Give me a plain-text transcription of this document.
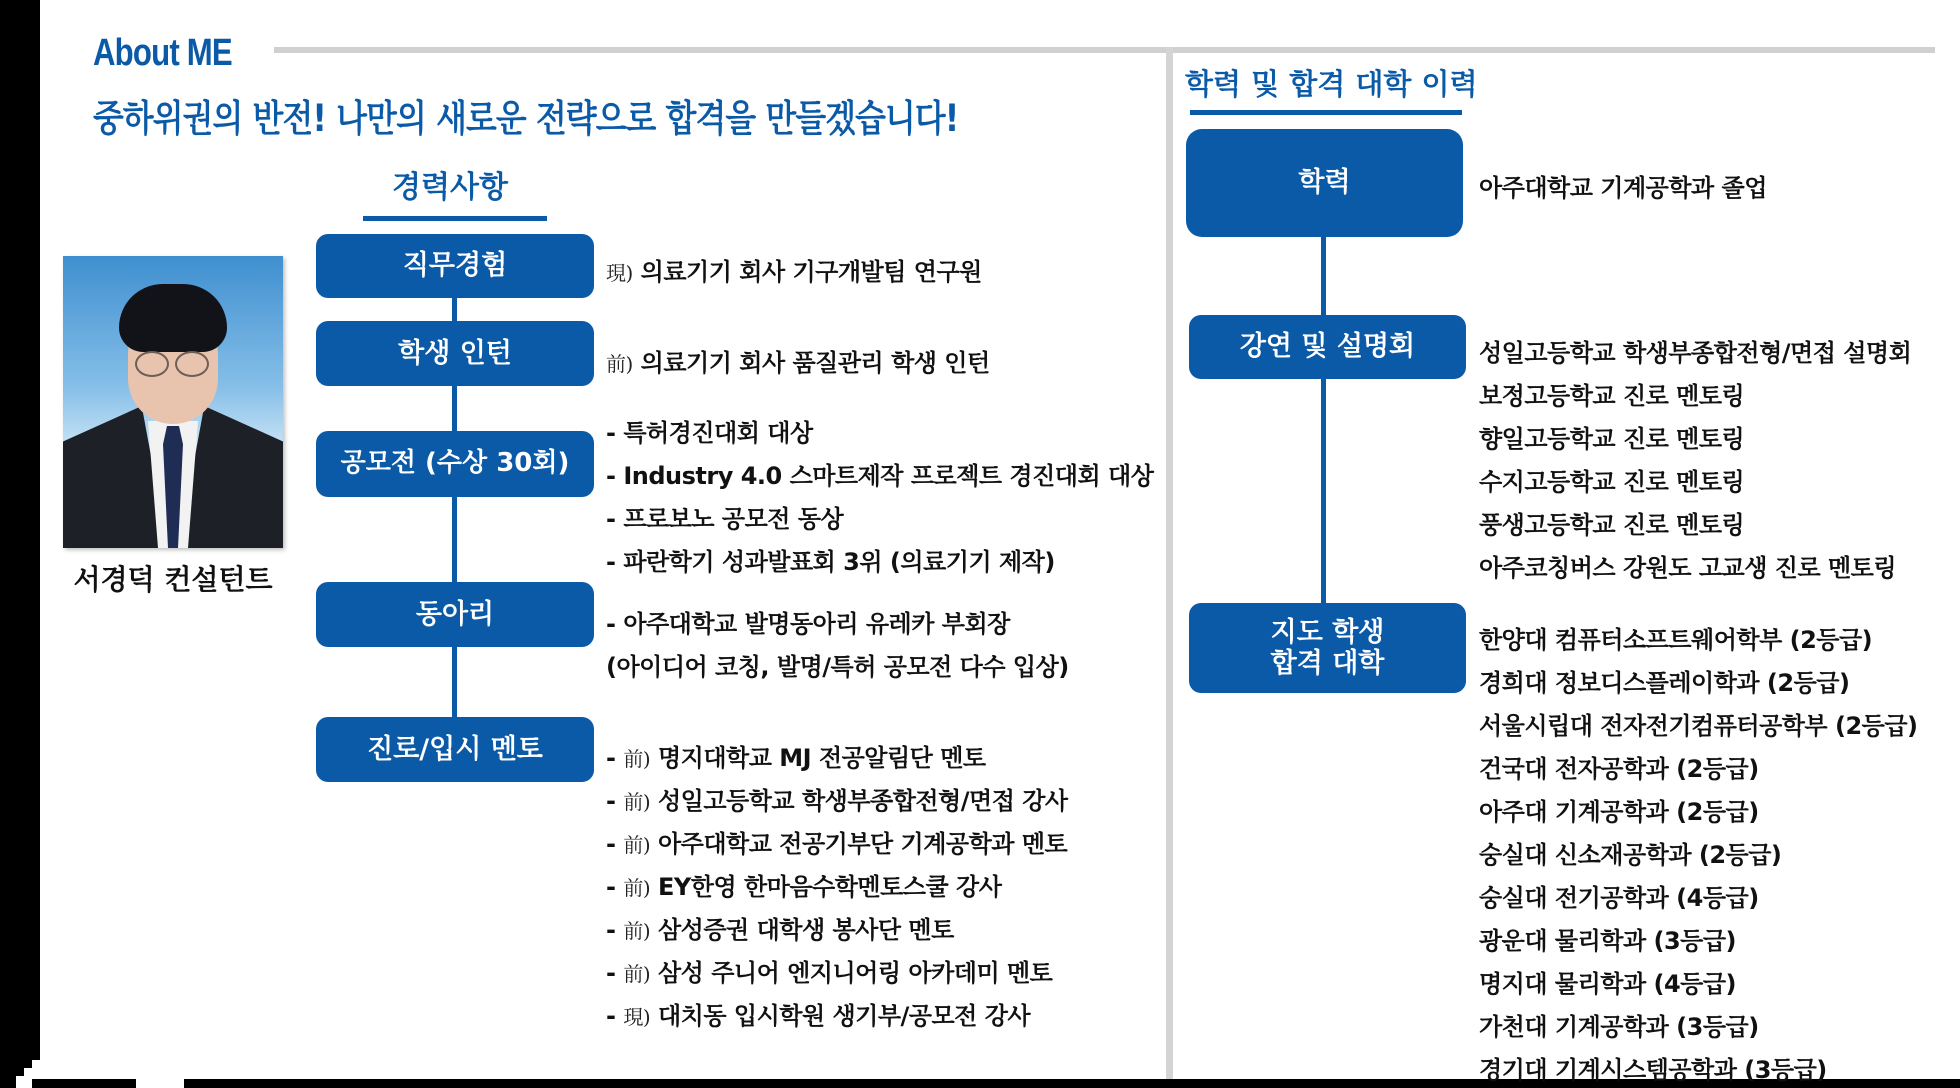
About ME
중하위권의 반전! 나만의 새로운 전략으로 합격을 만들겠습니다!
서경덕 컨설턴트
경력사항
직무경험
학생 인턴
공모전 (수상 30회)
동아리
진로/입시 멘토
現) 의료기기 회사 기구개발팀 연구원
前) 의료기기 회사 품질관리 학생 인턴
- 특허경진대회 대상
- Industry 4.0 스마트제작 프로젝트 경진대회 대상
- 프로보노 공모전 동상
- 파란학기 성과발표회 3위 (의료기기 제작)
- 아주대학교 발명동아리 유레카 부회장
(아이디어 코칭, 발명/특허 공모전 다수 입상)
- 前) 명지대학교 MJ 전공알림단 멘토
- 前) 성일고등학교 학생부종합전형/면접 강사
- 前) 아주대학교 전공기부단 기계공학과 멘토
- 前) EY한영 한마음수학멘토스쿨 강사
- 前) 삼성증권 대학생 봉사단 멘토
- 前) 삼성 주니어 엔지니어링 아카데미 멘토
- 現) 대치동 입시학원 생기부/공모전 강사
학력 및 합격 대학 이력
학력
강연 및 설명회
지도 학생
합격 대학
아주대학교 기계공학과 졸업
성일고등학교 학생부종합전형/면접 설명회
보정고등학교 진로 멘토링
향일고등학교 진로 멘토링
수지고등학교 진로 멘토링
풍생고등학교 진로 멘토링
아주코칭버스 강원도 고교생 진로 멘토링
한양대 컴퓨터소프트웨어학부 (2등급)
경희대 정보디스플레이학과 (2등급)
서울시립대 전자전기컴퓨터공학부 (2등급)
건국대 전자공학과 (2등급)
아주대 기계공학과 (2등급)
숭실대 신소재공학과 (2등급)
숭실대 전기공학과 (4등급)
광운대 물리학과 (3등급)
명지대 물리학과 (4등급)
가천대 기계공학과 (3등급)
경기대 기계시스템공학과 (3등급)
